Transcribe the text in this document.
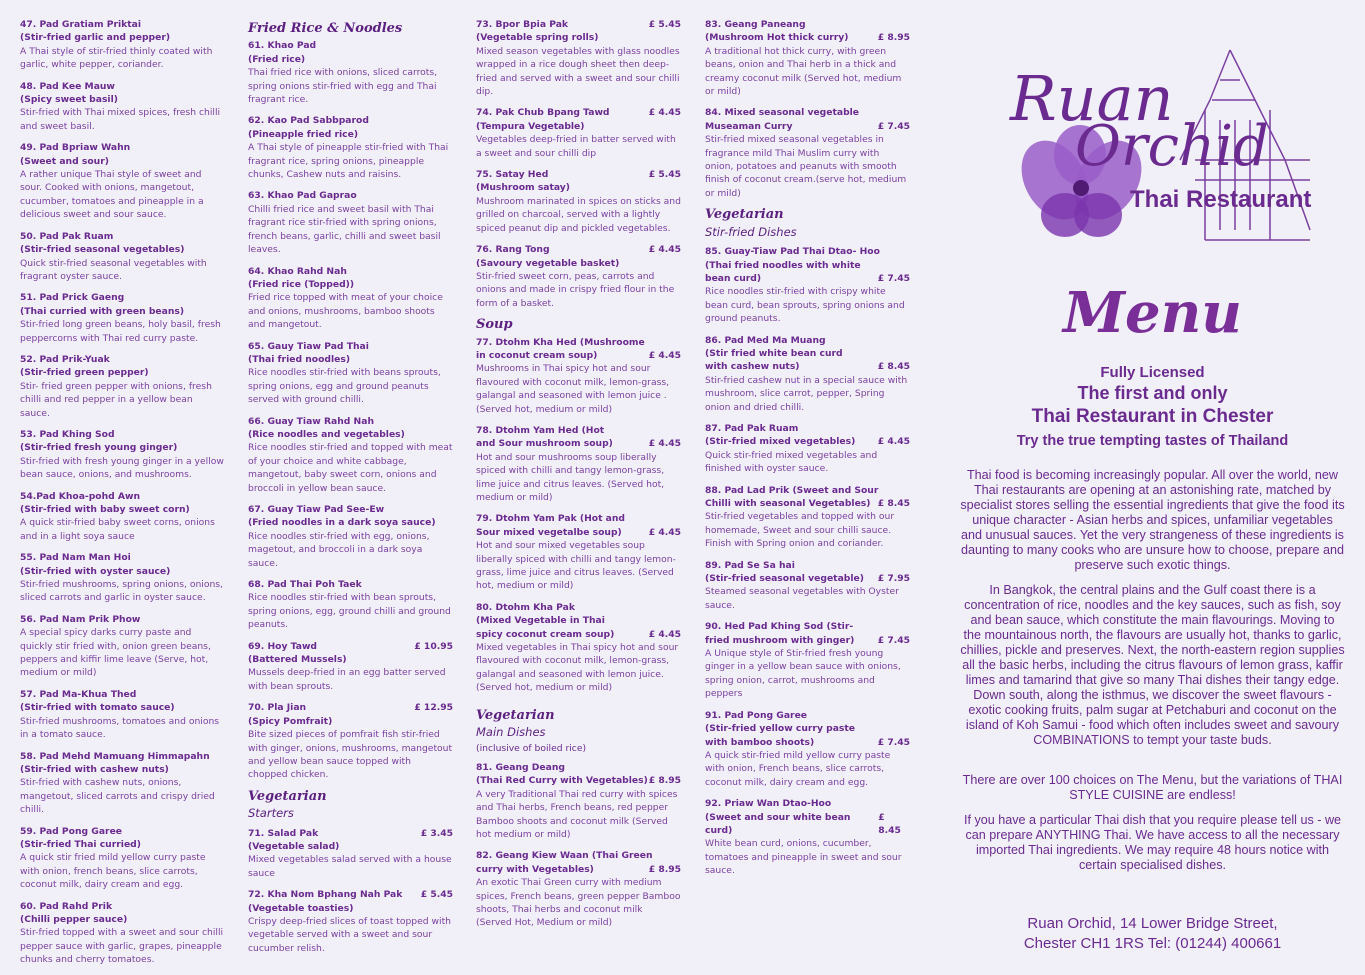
47. Pad Gratiam Priktai
(Stir-fried garlic and pepper)
A Thai style of stir-fried thinly coated with garlic, white pepper, coriander.
48. Pad Kee Mauw
(Spicy sweet basil)
Stir-fried with Thai mixed spices, fresh chilli and sweet basil.
49. Pad Bpriaw Wahn
(Sweet and sour)
A rather unique Thai style of sweet and sour. Cooked with onions, mangetout, cucumber, tomatoes and pineapple in a delicious sweet and sour sauce.
50. Pad Pak Ruam
(Stir-fried seasonal vegetables)
Quick stir-fried seasonal vegetables with fragrant oyster sauce.
51. Pad Prick Gaeng
(Thai curried with green beans)
Stir-fried long green beans, holy basil, fresh peppercorns with Thai red curry paste.
52. Pad Prik-Yuak
(Stir-fried green pepper)
Stir- fried green pepper with onions, fresh chilli and red pepper in a yellow bean sauce.
53. Pad Khing Sod
(Stir-fried fresh young ginger)
Stir-fried with fresh young ginger in a yellow bean sauce, onions, and mushrooms.
54.Pad Khoa-pohd Awn
(Stir-fried with baby sweet corn)
A quick stir-fried baby sweet corns, onions and in a light soya sauce
55. Pad Nam Man Hoi
(Stir-fried with oyster sauce)
Stir-fried mushrooms, spring onions, onions, sliced carrots and garlic in oyster sauce.
56. Pad Nam Prik Phow
A special spicy darks curry paste and quickly stir fried with, onion green beans, peppers and kiffir lime leave (Serve, hot, medium or mild)
57. Pad Ma-Khua Thed
(Stir-fried with tomato sauce)
Stir-fried mushrooms, tomatoes and onions in a tomato sauce.
58. Pad Mehd Mamuang Himmapahn
(Stir-fried with cashew nuts)
Stir-fried with cashew nuts, onions, mangetout, sliced carrots and crispy dried chilli.
59. Pad Pong Garee
(Stir-fried Thai curried)
A quick stir fried mild yellow curry paste with onion, french beans, slice carrots, coconut milk, dairy cream and egg.
60. Pad Rahd Prik
(Chilli pepper sauce)
Stir-fried topped with a sweet and sour chilli pepper sauce with garlic, grapes, pineapple chunks and cherry tomatoes.
Fried Rice & Noodles
61. Khao Pad
(Fried rice)
Thai fried rice with onions, sliced carrots, spring onions stir-fried with egg and Thai fragrant rice.
62. Kao Pad Sabbparod
(Pineapple fried rice)
A Thai style of pineapple stir-fried with Thai fragrant rice, spring onions, pineapple chunks, Cashew nuts and raisins.
63. Khao Pad Gaprao
Chilli fried rice and sweet basil with Thai fragrant rice stir-fried with spring onions, french beans, garlic, chilli and sweet basil leaves.
64. Khao Rahd Nah
(Fried rice (Topped))
Fried rice topped with meat of your choice and onions, mushrooms, bamboo shoots and mangetout.
65. Gauy Tiaw Pad Thai
(Thai fried noodles)
Rice noodles stir-fried with beans sprouts, spring onions, egg and ground peanuts served with ground chilli.
66. Guay Tiaw Rahd Nah
(Rice noodles and vegetables)
Rice noodles stir-fried and topped with meat of your choice and white cabbage, mangetout, baby sweet corn, onions and broccoli in yellow bean sauce.
67. Guay Tiaw Pad See-Ew
(Fried noodles in a dark soya sauce)
Rice noodles stir-fried with egg, onions, magetout, and broccoli in a dark soya sauce.
68. Pad Thai Poh Taek
Rice noodles stir-fried with bean sprouts, spring onions, egg, ground chilli and ground peanuts.
69. Hoy Tawd	£ 10.95
(Battered Mussels)
Mussels deep-fried in an egg batter served with bean sprouts.
70. Pla Jian	£ 12.95
(Spicy Pomfrait)
Bite sized pieces of pomfrait fish stir-fried with ginger, onions, mushrooms, mangetout and yellow bean sauce topped with chopped chicken.
Vegetarian
Starters
71. Salad Pak	£ 3.45
(Vegetable salad)
Mixed vegetables salad served with a house sauce
72. Kha Nom Bphang Nah Pak £ 5.45
(Vegetable toasties)
Crispy deep-fried slices of toast topped with vegetable served with a sweet and sour cucumber relish.
73. Bpor Bpia Pak	£ 5.45
(Vegetable spring rolls)
Mixed season vegetables with glass noodles wrapped in a rice dough sheet then deep-fried and served with a sweet and sour chilli dip.
74. Pak Chub Bpang Tawd	£ 4.45
(Tempura Vegetable)
Vegetables deep-fried in batter served with a sweet and sour chilli dip
75. Satay Hed	£ 5.45
(Mushroom satay)
Mushroom marinated in spices on sticks and grilled on charcoal, served with a lightly spiced peanut dip and pickled vegetables.
76. Rang Tong	£ 4.45
(Savoury vegetable basket)
Stir-fried sweet corn, peas, carrots and onions and made in crispy fried flour in the form of a basket.
Soup
77. Dtohm Kha Hed (Mushroome
in coconut cream soup)	£ 4.45
Mushrooms in Thai spicy hot and sour flavoured with coconut milk, lemon-grass, galangal and seasoned with lemon juice . (Served hot, medium or mild)
78. Dtohm Yam Hed (Hot
and Sour mushroom soup)	£ 4.45
Hot and sour mushrooms soup liberally spiced with chilli and tangy lemon-grass, lime juice and citrus leaves. (Served hot, medium or mild)
79. Dtohm Yam Pak (Hot and
Sour mixed vegetalbe soup)	£ 4.45
Hot and sour mixed vegetables soup liberally spiced with chilli and tangy lemon-grass, lime juice and citrus leaves. (Served hot, medium or mild)
80. Dtohm Kha Pak
(Mixed Vegetable in Thai
spicy coconut cream soup)	£ 4.45
Mixed vegetables in Thai spicy hot and sour flavoured with coconut milk, lemon-grass, galangal and seasoned with lemon juice. (Served hot, medium or mild)
Vegetarian
Main Dishes
(inclusive of boiled rice)
81. Geang Deang
(Thai Red Curry with Vegetables) £ 8.95
A very Traditional Thai red curry with spices and Thai herbs, French beans, red pepper Bamboo shoots and coconut milk (Served hot medium or mild)
82. Geang Kiew Waan (Thai Green
curry with Vegetables)	£ 8.95
An exotic Thai Green curry with medium spices, French beans, green pepper Bamboo shoots, Thai herbs and coconut milk (Served Hot, Medium or mild)
83. Geang Paneang
(Mushroom Hot thick curry)	£ 8.95
A traditional hot thick curry, with green beans, onion and Thai herb in a thick and creamy coconut milk (Served hot, medium or mild)
84. Mixed seasonal vegetable
Museaman Curry	£ 7.45
Stir-fried mixed seasonal vegetables in fragrance mild Thai Muslim curry with onion, potatoes and peanuts with smooth finish of coconut cream.(serve hot, medium or mild)
Vegetarian
Stir-fried Dishes
85. Guay-Tiaw Pad Thai Dtao- Hoo
(Thai fried noodles with white
bean curd)	£ 7.45
Rice noodles stir-fried with crispy white bean curd, bean sprouts, spring onions and ground peanuts.
86. Pad Med Ma Muang
(Stir fried white bean curd
with cashew nuts)	£ 8.45
Stir-fried cashew nut in a special sauce with mushroom, slice carrot, pepper, Spring onion and dried chilli.
87. Pad Pak Ruam
(Stir-fried mixed vegetables) £ 4.45
Quick stir-fried mixed vegetables and finished with oyster sauce.
88. Pad Lad Prik (Sweet and Sour
Chilli with seasonal Vegetables) £ 8.45
Stir-fried vegetables and topped with our homemade, Sweet and sour chilli sauce. Finish with Spring onion and coriander.
89. Pad Se Sa hai
(Stir-fried seasonal vegetable) £ 7.95
Steamed seasonal vegetables with Oyster sauce.
90. Hed Pad Khing Sod (Stir-
fried mushroom with ginger)	£ 7.45
A Unique style of Stir-fried fresh young ginger in a yellow bean sauce with onions, spring onion, carrot, mushrooms and peppers
91. Pad Pong Garee
(Stir-fried yellow curry paste
with bamboo shoots)	£ 7.45
A quick stir-fried mild yellow curry paste with onion, French beans, slice carrots, coconut milk, dairy cream and egg.
92. Priaw Wan Dtao-Hoo
(Sweet and sour white bean curd)
£ 8.45
White bean curd, onions, cucumber, tomatoes and pineapple in sweet and sour sauce.
Ruan
Orchid
Thai Restaurant
Menu
Fully Licensed
The first and only
Thai Restaurant in Chester
Try the true tempting tastes of Thailand
Thai food is becoming increasingly popular. All over the world, new Thai restaurants are opening at an astonishing rate, matched by specialist stores selling the essential ingredients that give the food its unique character - Asian herbs and spices, unfamiliar vegetables and unusual sauces. Yet the very strangeness of these ingredients is daunting to many cooks who are unsure how to choose, prepare and preserve such exotic things.
In Bangkok, the central plains and the Gulf coast there is a concentration of rice, noodles and the key sauces, such as fish, soy and bean sauce, which constitute the main flavourings. Moving to the mountainous north, the flavours are usually hot, thanks to garlic, chillies, pickle and preserves. Next, the north-eastern region supplies all the basic herbs, including the citrus flavours of lemon grass, kaffir limes and tamarind that give so many Thai dishes their tangy edge. Down south, along the isthmus, we discover the sweet flavours - exotic cooking fruits, palm sugar at Petchaburi and coconut on the island of Koh Samui - food which often includes sweet and savoury COMBINATIONS to tempt your taste buds.
There are over 100 choices on The Menu, but the variations of THAI STYLE CUISINE are endless!
If you have a particular Thai dish that you require please tell us - we can prepare ANYTHING Thai. We have access to all the necessary imported Thai ingredients. We may require 48 hours notice with certain specialised dishes.
Ruan Orchid, 14 Lower Bridge Street,
Chester CH1 1RS Tel: (01244) 400661
